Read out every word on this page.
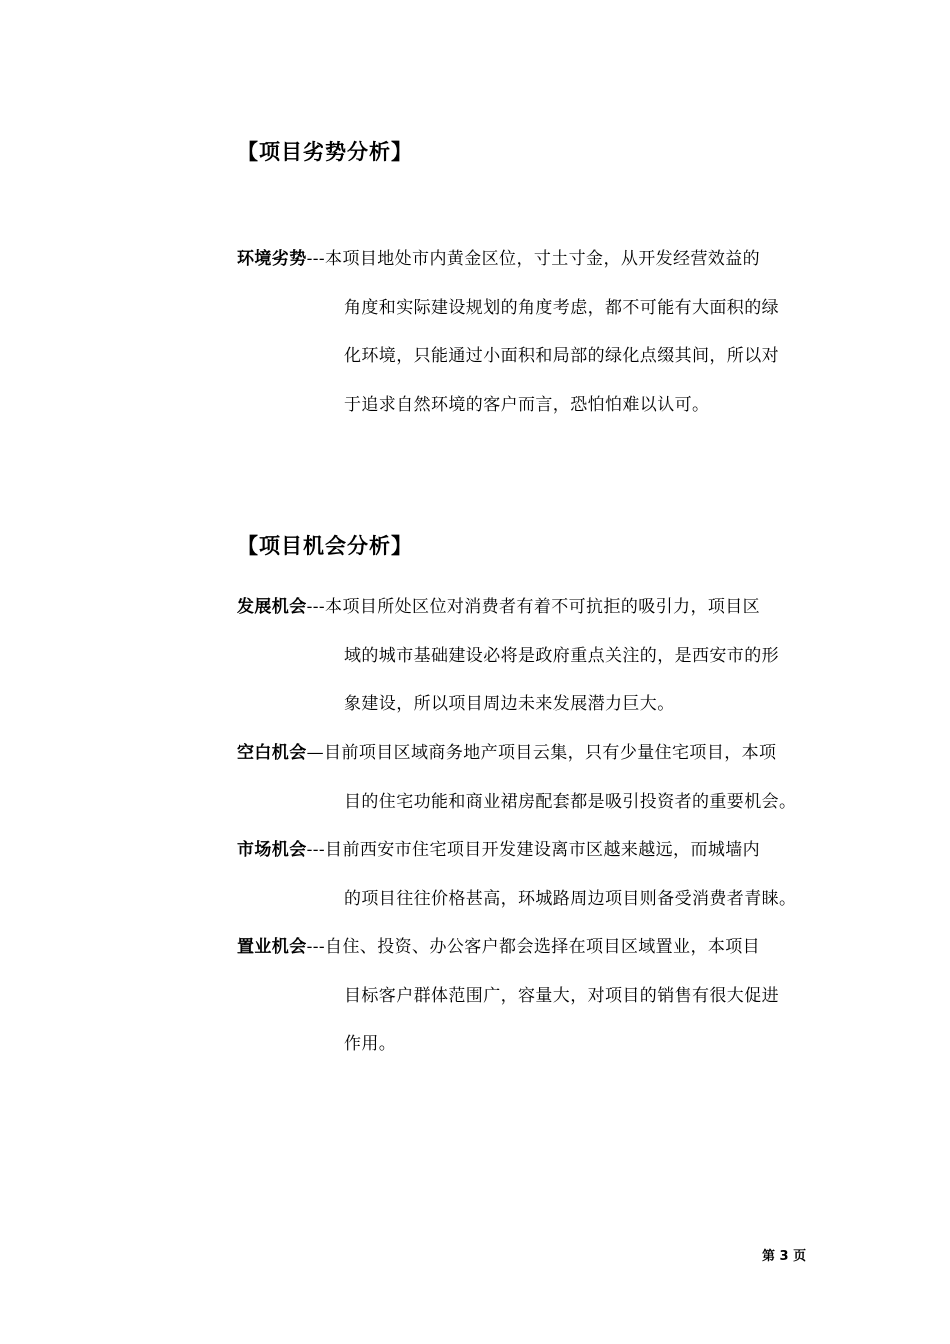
【项目劣势分析】
环境劣势---本项目地处市内黄金区位，寸土寸金，从开发经营效益的
角度和实际建设规划的角度考虑，都不可能有大面积的绿
化环境，只能通过小面积和局部的绿化点缀其间，所以对
于追求自然环境的客户而言，恐怕怕难以认可。
【项目机会分析】
发展机会---本项目所处区位对消费者有着不可抗拒的吸引力，项目区
域的城市基础建设必将是政府重点关注的，是西安市的形
象建设，所以项目周边未来发展潜力巨大。
空白机会—目前项目区域商务地产项目云集，只有少量住宅项目，本项
目的住宅功能和商业裙房配套都是吸引投资者的重要机会。
市场机会---目前西安市住宅项目开发建设离市区越来越远，而城墙内
的项目往往价格甚高，环城路周边项目则备受消费者青睐。
置业机会---自住、投资、办公客户都会选择在项目区域置业，本项目
目标客户群体范围广，容量大，对项目的销售有很大促进
作用。
第 3 页
